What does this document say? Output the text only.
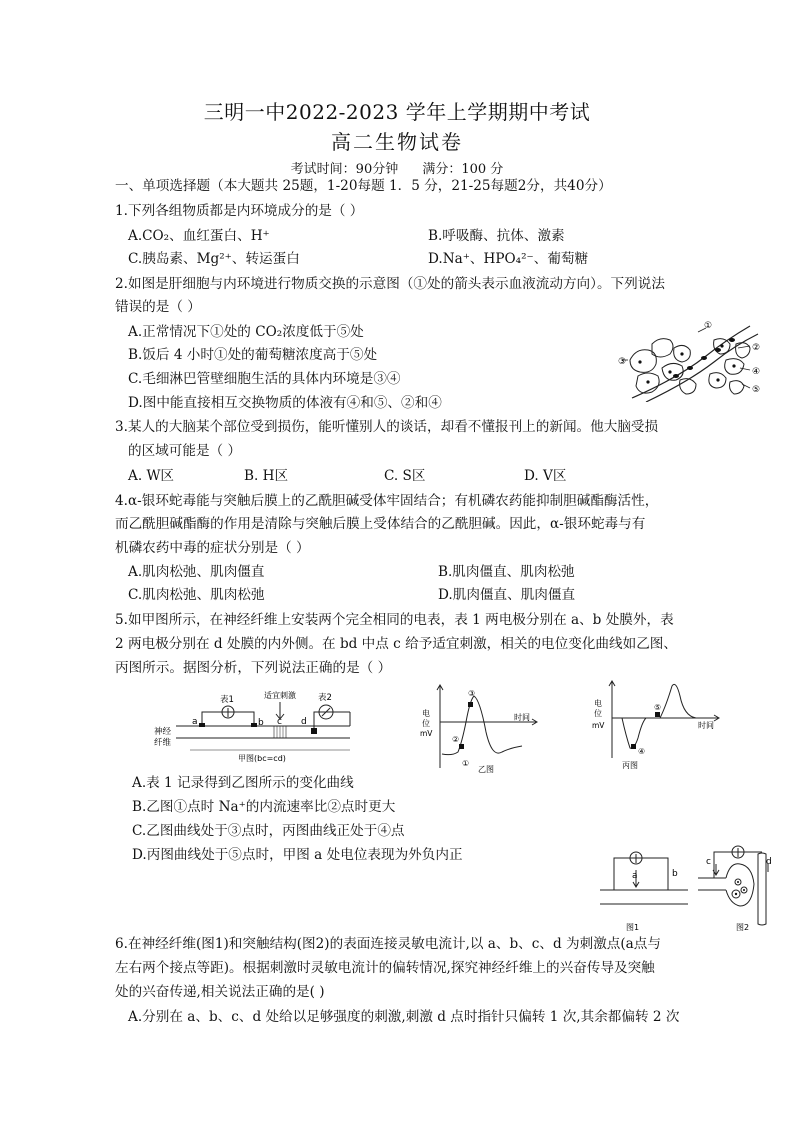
三明一中2022-2023 学年上学期期中考试
高二生物试卷
考试时间：90分钟 满分：100 分
一、单项选择题（本大题共 25题，1-20每题 1．5 分，21-25每题2分，共40分）
1.下列各组物质都是内环境成分的是（ ）
A.CO₂、血红蛋白、H⁺	B.呼吸酶、抗体、激素
C.胰岛素、Mg²⁺、转运蛋白	D.Na⁺、HPO₄²⁻、葡萄糖
2.如图是肝细胞与内环境进行物质交换的示意图（①处的箭头表示血液流动方向）。下列说法
错误的是（ ）
A.正常情况下①处的 CO₂浓度低于⑤处
B.饭后 4 小时①处的葡萄糖浓度高于⑤处
C.毛细淋巴管壁细胞生活的具体内环境是③④
D.图中能直接相互交换物质的体液有④和⑤、②和④
①
②
③
④
⑤
3.某人的大脑某个部位受到损伤，能听懂别人的谈话，却看不懂报刊上的新闻。他大脑受损
的区域可能是（ ）
A. W区	B. H区	C. S区	D. V区
4.α-银环蛇毒能与突触后膜上的乙酰胆碱受体牢固结合；有机磷农药能抑制胆碱酯酶活性，
而乙酰胆碱酯酶的作用是清除与突触后膜上受体结合的乙酰胆碱。因此，α-银环蛇毒与有
机磷农药中毒的症状分别是（ ）
A.肌肉松弛、肌肉僵直	B.肌肉僵直、肌肉松弛
C.肌肉松弛、肌肉松弛	D.肌肉僵直、肌肉僵直
5.如甲图所示，在神经纤维上安装两个完全相同的电表，表 1 两电极分别在 a、b 处膜外，表
2 两电极分别在 d 处膜的内外侧。在 bd 中点 c 给予适宜刺激，相关的电位变化曲线如乙图、
丙图所示。据图分析，下列说法正确的是（ ）
表1	表2
适宜刺激
a	b c d
神经
纤维
甲图(bc=cd)
电
位
mV
时间
①
②
③
乙图
电
位
mV	时间
④
⑤
丙图
A.表 1 记录得到乙图所示的变化曲线
B.乙图①点时 Na⁺的内流速率比②点时更大
C.乙图曲线处于③点时，丙图曲线正处于④点
D.丙图曲线处于⑤点时，甲图 a 处电位表现为外负内正
a	b
图1
c	d
图2
6.在神经纤维(图1)和突触结构(图2)的表面连接灵敏电流计,以 a、b、c、d 为刺激点(a点与
左右两个接点等距)。根据刺激时灵敏电流计的偏转情况,探究神经纤维上的兴奋传导及突触
处的兴奋传递,相关说法正确的是( )
A.分别在 a、b、c、d 处给以足够强度的刺激,刺激 d 点时指针只偏转 1 次,其余都偏转 2 次
